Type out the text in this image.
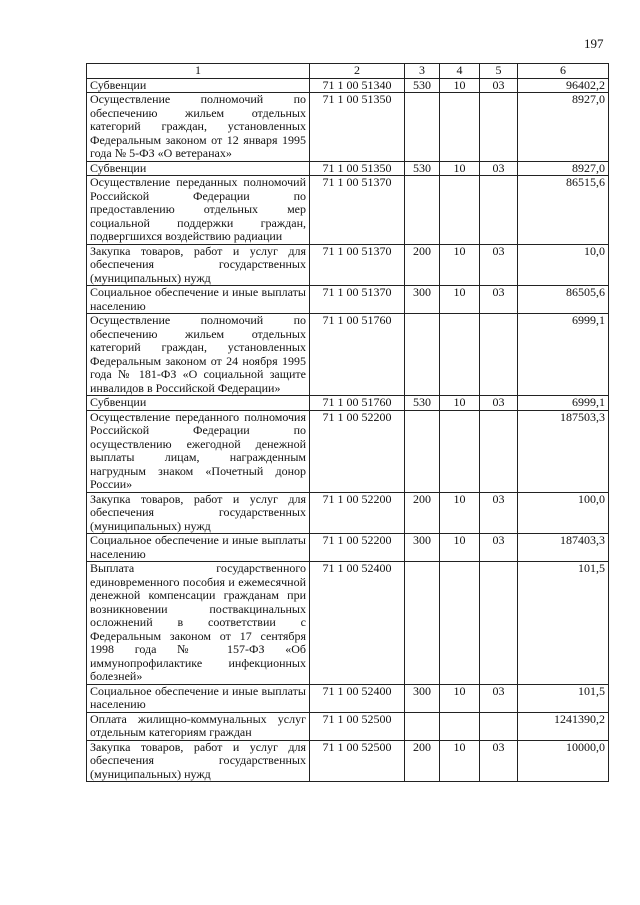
197
1	2	3	4	5	6
Субвенции	71 1 00 51340	530	10	03	96402,2
Осуществление полномочий по обеспечению жильем отдельных категорий граждан, установленных Федеральным законом от 12 января 1995 года № 5-ФЗ «О ветеранах»	71 1 00 51350				8927,0
Субвенции	71 1 00 51350	530	10	03	8927,0
Осуществление переданных полномочий Российской Федерации по предоставлению отдельных мер социальной поддержки граждан, подвергшихся воздействию радиации	71 1 00 51370				86515,6
Закупка товаров, работ и услуг для обеспечения государственных (муниципальных) нужд	71 1 00 51370	200	10	03	10,0
Социальное обеспечение и иные выплаты населению	71 1 00 51370	300	10	03	86505,6
Осуществление полномочий по обеспечению жильем отдельных категорий граждан, установленных Федеральным законом от 24 ноября 1995 года № 181-ФЗ «О социальной защите инвалидов в Российской Федерации»	71 1 00 51760				6999,1
Субвенции	71 1 00 51760	530	10	03	6999,1
Осуществление переданного полномочия Российской Федерации по осуществлению ежегодной денежной выплаты лицам, награжденным нагрудным знаком «Почетный донор России»	71 1 00 52200				187503,3
Закупка товаров, работ и услуг для обеспечения государственных (муниципальных) нужд	71 1 00 52200	200	10	03	100,0
Социальное обеспечение и иные выплаты населению	71 1 00 52200	300	10	03	187403,3
Выплата государственного единовременного пособия и ежемесячной денежной компенсации гражданам при возникновении поствакцинальных осложнений в соответствии с Федеральным законом от 17 сентября 1998 года № 157-ФЗ «Об иммунопрофилактике инфекционных болезней»	71 1 00 52400				101,5
Социальное обеспечение и иные выплаты населению	71 1 00 52400	300	10	03	101,5
Оплата жилищно-коммунальных услуг отдельным категориям граждан	71 1 00 52500				1241390,2
Закупка товаров, работ и услуг для обеспечения государственных (муниципальных) нужд	71 1 00 52500	200	10	03	10000,0
